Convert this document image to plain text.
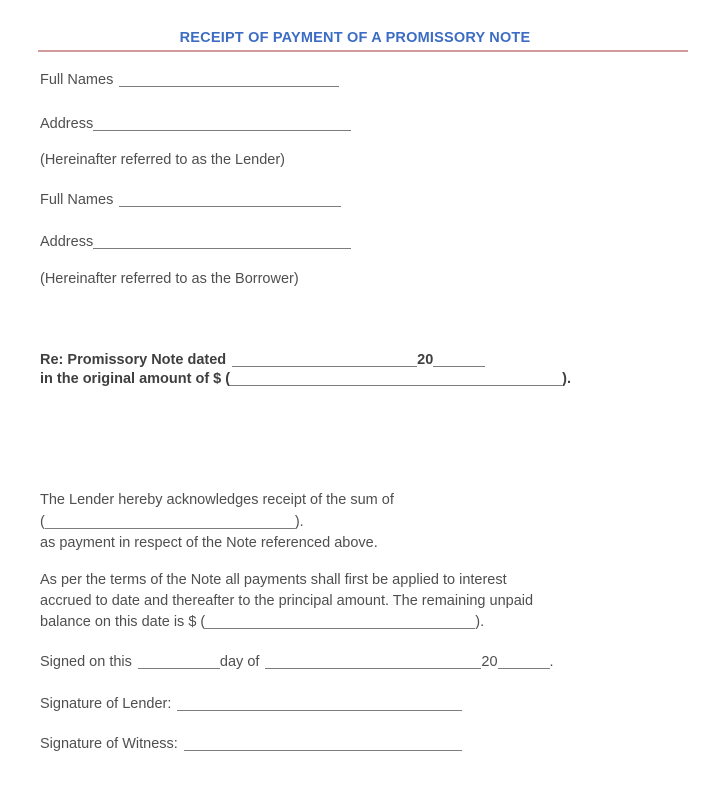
RECEIPT OF PAYMENT OF A PROMISSORY NOTE
Full Names
Address
(Hereinafter referred to as the Lender)
Full Names
Address
(Hereinafter referred to as the Borrower)
Re: Promissory Note dated	20
in the original amount of $ (	).
The Lender hereby acknowledges receipt of the sum of
(	).
as payment in respect of the Note referenced above.
As per the terms of the Note all payments shall first be applied to interest
accrued to date and thereafter to the principal amount. The remaining unpaid
balance on this date is $ (	).
Signed on this	day of	20	.
Signature of Lender:
Signature of Witness:
